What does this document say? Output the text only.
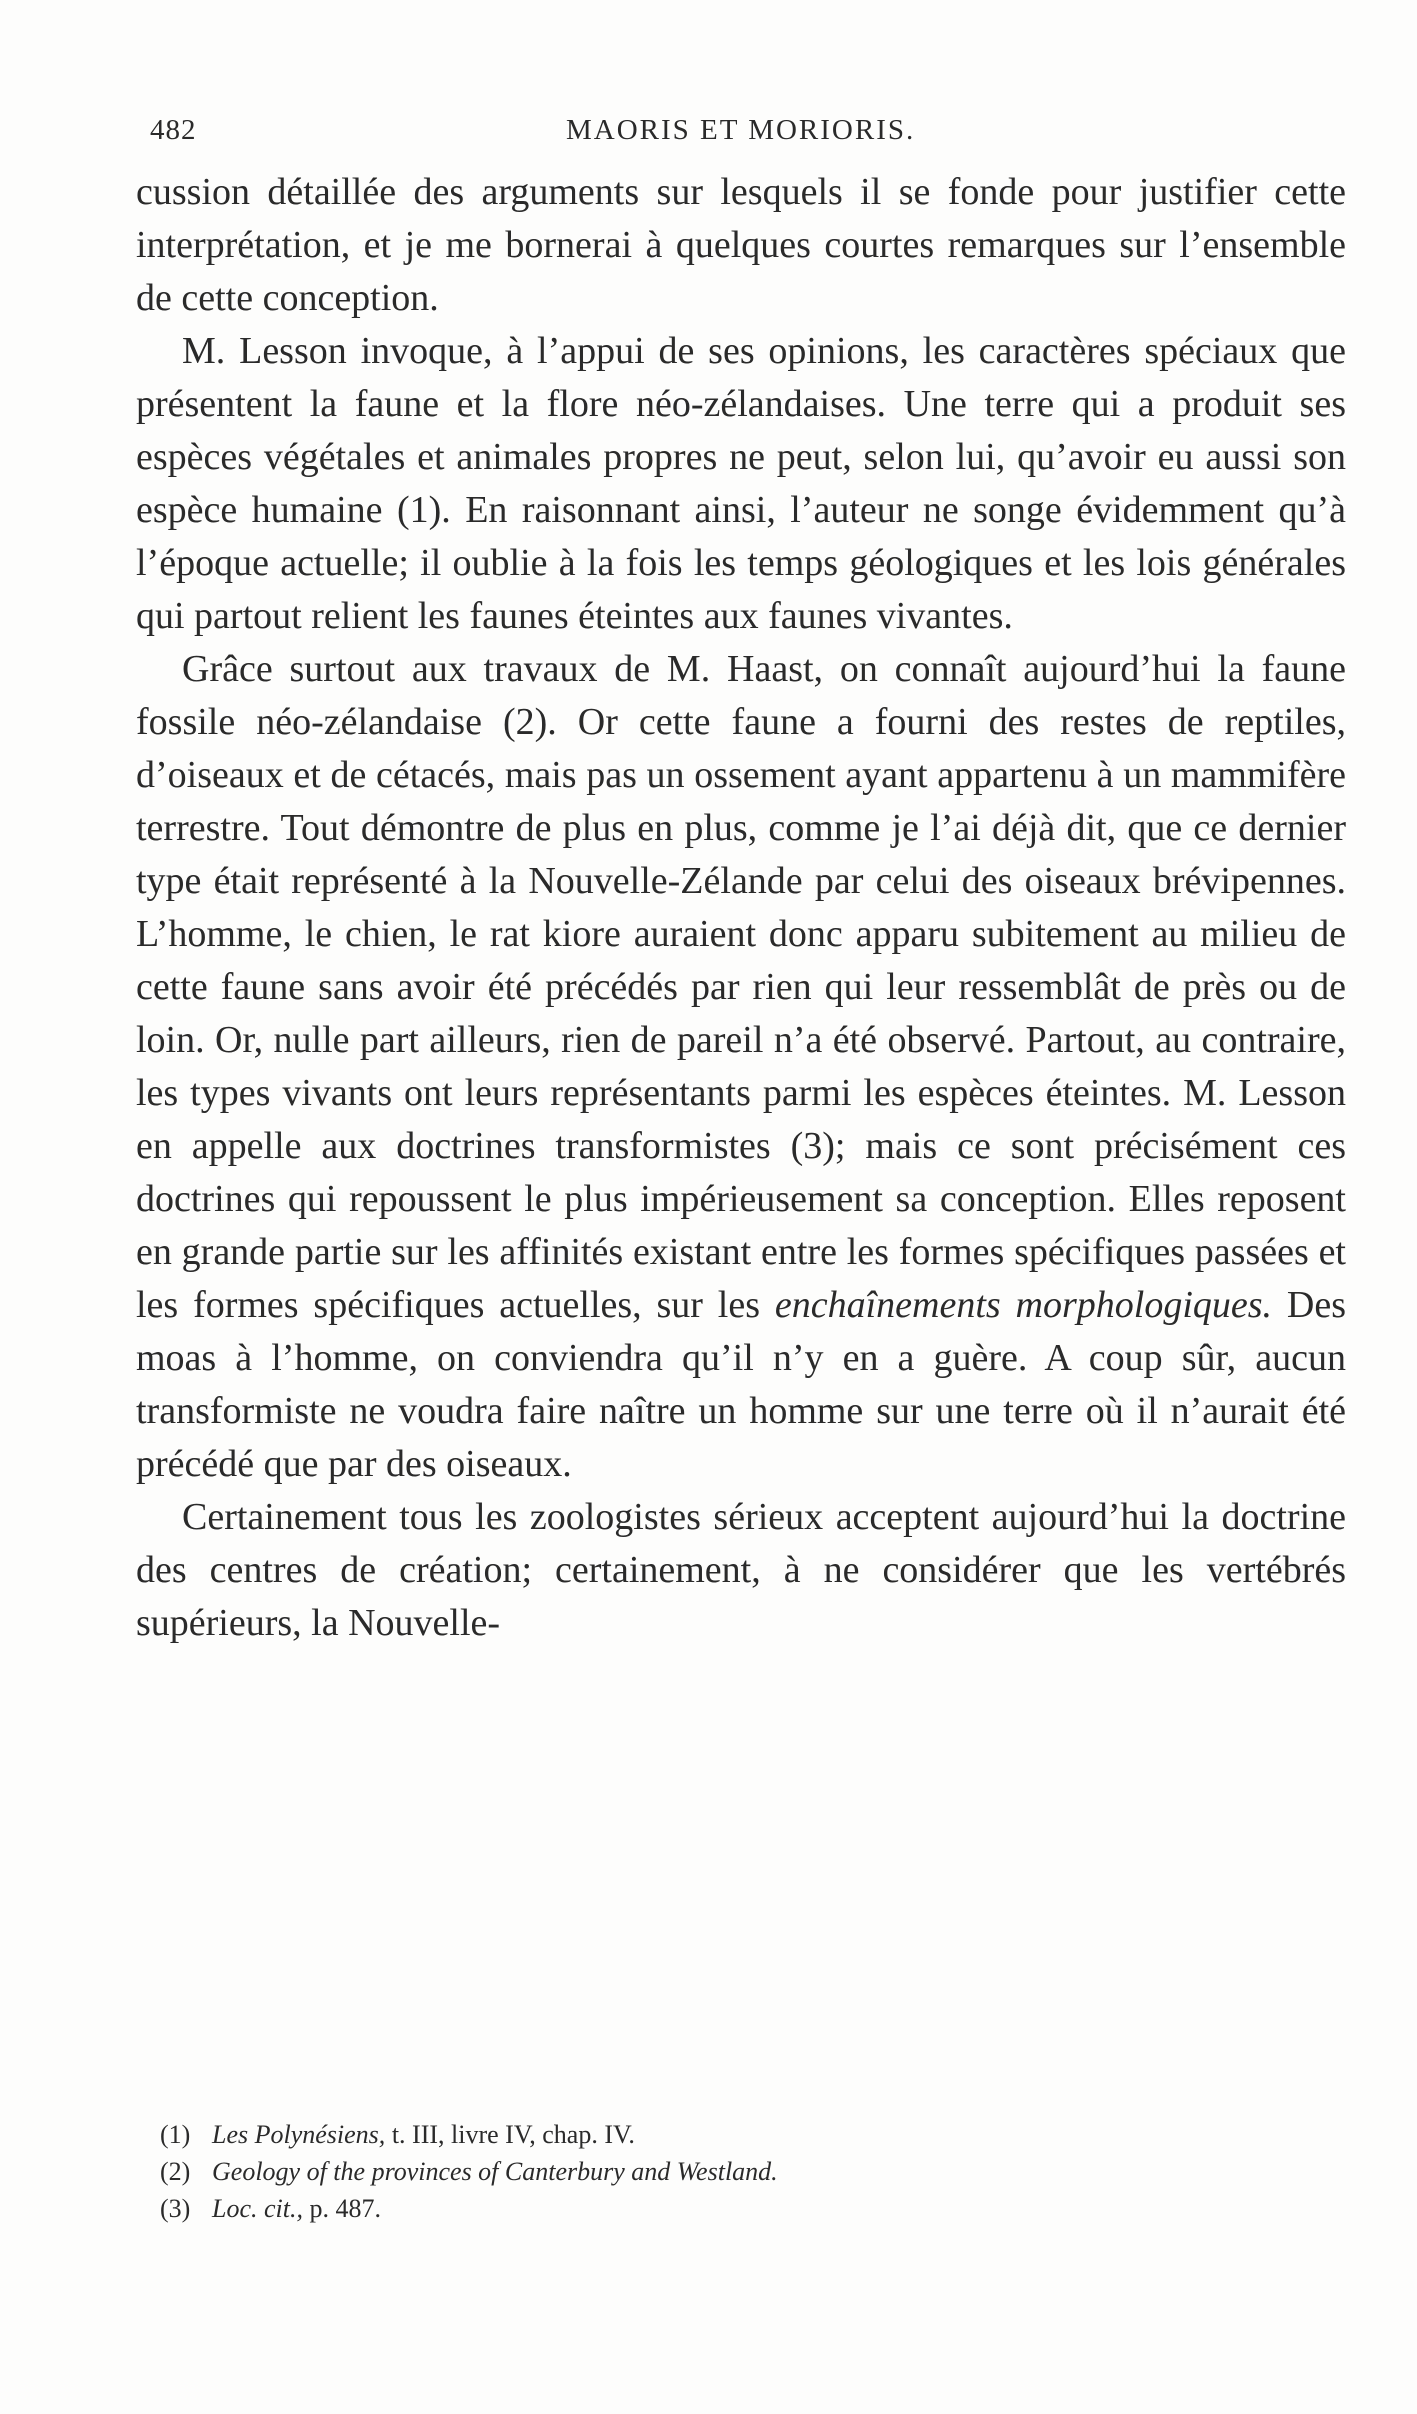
482	MAORIS ET MORIORIS.

cussion détaillée des arguments sur lesquels il se fonde pour justifier cette interprétation, et je me bornerai à quelques courtes remarques sur l’ensemble de cette conception.

M. Lesson invoque, à l’appui de ses opinions, les caractères spéciaux que présentent la faune et la flore néo-zélandaises. Une terre qui a produit ses espèces végétales et animales propres ne peut, selon lui, qu’avoir eu aussi son espèce humaine (1). En raisonnant ainsi, l’auteur ne songe évidemment qu’à l’époque actuelle; il oublie à la fois les temps géologiques et les lois générales qui partout relient les faunes éteintes aux faunes vivantes.

Grâce surtout aux travaux de M. Haast, on connaît aujourd’hui la faune fossile néo-zélandaise (2). Or cette faune a fourni des restes de reptiles, d’oiseaux et de cétacés, mais pas un ossement ayant appartenu à un mammifère terrestre. Tout démontre de plus en plus, comme je l’ai déjà dit, que ce dernier type était représenté à la Nouvelle-Zélande par celui des oiseaux brévipennes. L’homme, le chien, le rat kiore auraient donc apparu subitement au milieu de cette faune sans avoir été précédés par rien qui leur ressemblât de près ou de loin. Or, nulle part ailleurs, rien de pareil n’a été observé. Partout, au contraire, les types vivants ont leurs représentants parmi les espèces éteintes. M. Lesson en appelle aux doctrines transformistes (3); mais ce sont précisément ces doctrines qui repoussent le plus impérieusement sa conception. Elles reposent en grande partie sur les affinités existant entre les formes spécifiques passées et les formes spécifiques actuelles, sur les enchaînements morphologiques. Des moas à l’homme, on conviendra qu’il n’y en a guère. A coup sûr, aucun transformiste ne voudra faire naître un homme sur une terre où il n’aurait été précédé que par des oiseaux.

Certainement tous les zoologistes sérieux acceptent aujourd’hui la doctrine des centres de création; certainement, à ne considérer que les vertébrés supérieurs, la Nouvelle-

(1) Les Polynésiens, t. III, livre IV, chap. IV.

(2) Geology of the provinces of Canterbury and Westland.

(3) Loc. cit., p. 487.
